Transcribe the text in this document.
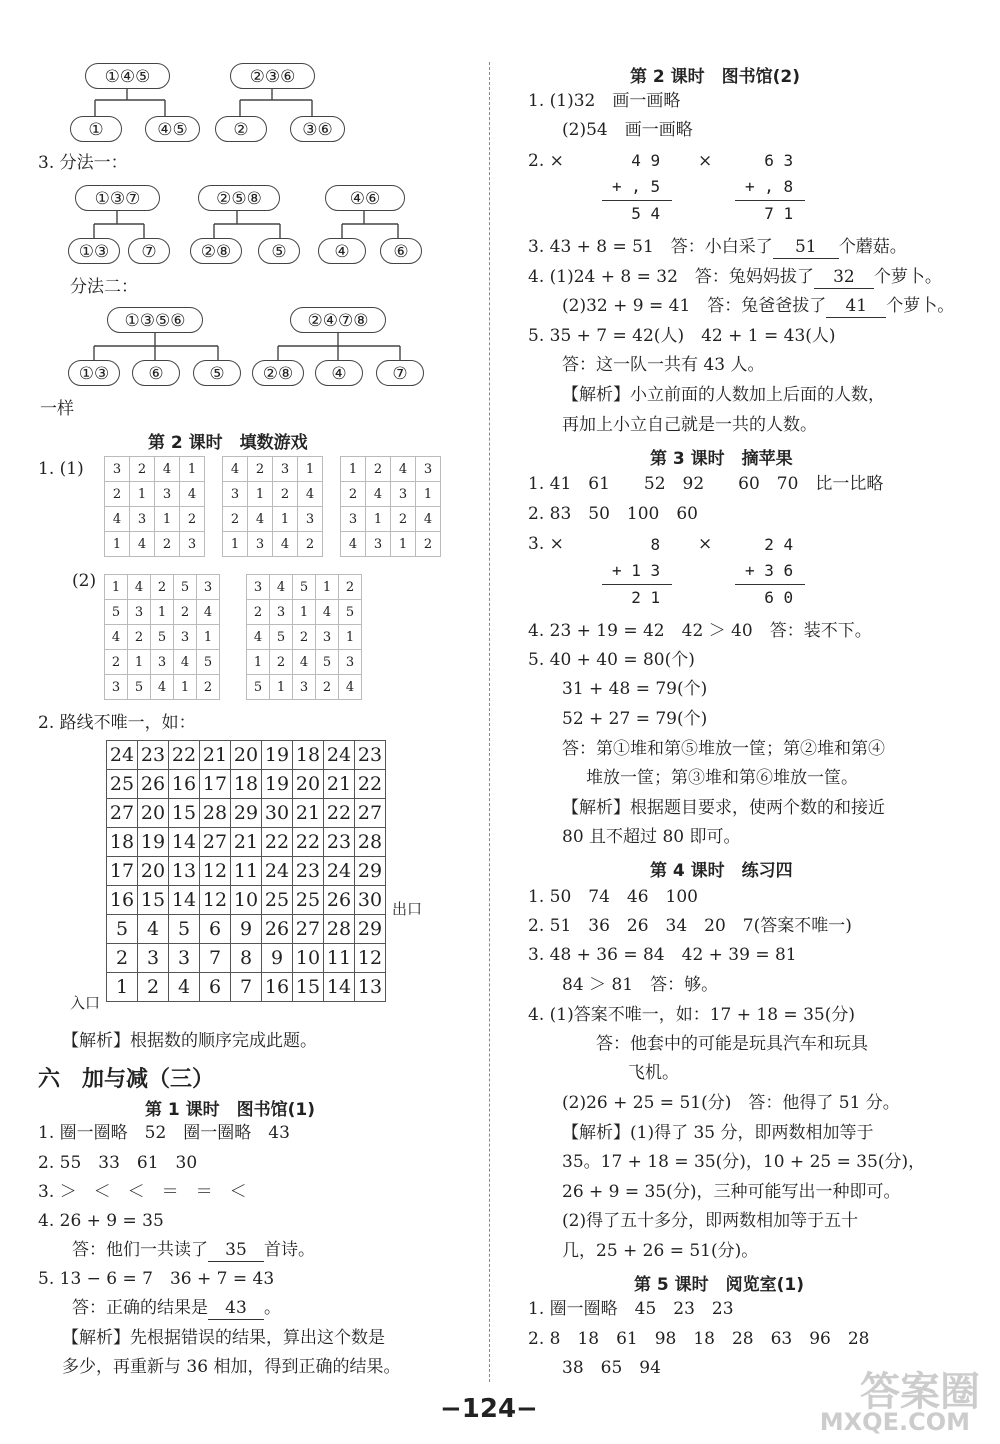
①④⑤
①	④⑤
②③⑥
②	③⑥
3. 分法一：
①③⑦
①③	⑦
②⑤⑧
②⑧	⑤
④⑥
④	⑥
分法二：
①③⑤⑥
①③	⑥	⑤
②④⑦⑧
②⑧	④	⑦
一样
第 2 课时　填数游戏
1. (1) 3	2	4	1
2	1	3	4
4	3	1	2
1	4	2	3
4	2	3	1
3	1	2	4
2	4	1	3
1	3	4	2
1	2	4	3
2	4	3	1
3	1	2	4
4	3	1	2
(2) 1	4	2	5	3
5	3	1	2	4
4	2	5	3	1
2	1	3	4	5
3	5	4	1	2
3	4	5	1	2
2	3	1	4	5
4	5	2	3	1
1	2	4	5	3
5	1	3	2	4
2. 路线不唯一，如：
24	23	22	21	20	19	18	24	23
25	26	16	17	18	19	20	21	22
27	20	15	28	29	30	21	22	27
18	19	14	27	21	22	22	23	28
17	20	13	12	11	24	23	24	29
16	15	14	12	10	25	25	26	30
5	4	5	6	9	26	27	28	29
2	3	3	7	8	9	10	11	12
1	2	4	6	7	16	15	14	13
出口
入口
【解析】根据数的顺序完成此题。
六　加与减（三）
第 1 课时　图书馆(1)
1. 圈一圈略　52　圈一圈略　43
2. 55　33　61　30
3. ＞　＜　＜　＝　＝　＜
4. 26 + 9 = 35
答：他们一共读了 35 首诗。
5. 13 − 6 = 7　36 + 7 = 43
答：正确的结果是 43 。
【解析】先根据错误的结果，算出这个数是
多少，再重新与 36 相加，得到正确的结果。
第 2 课时　图书馆(2)
1. (1)32　画一画略
(2)54　画一画略
2. ×	4 9
+ , 5
5 4
×	6 3
+ , 8
7 1
3. 43 + 8 = 51　答：小白采了 51 个蘑菇。
4. (1)24 + 8 = 32　答：兔妈妈拔了 32 个萝卜。
(2)32 + 9 = 41　答：兔爸爸拔了 41 个萝卜。
5. 35 + 7 = 42(人)　42 + 1 = 43(人)
答：这一队一共有 43 人。
【解析】小立前面的人数加上后面的人数，
再加上小立自己就是一共的人数。
第 3 课时　摘苹果
1. 41　61　　52　92　　60　70　比一比略
2. 83　50　100　60
3. ×	8
+ 1 3
2 1
×	2 4
+ 3 6
6 0
4. 23 + 19 = 42　42 ＞ 40　答：装不下。
5. 40 + 40 = 80(个)
31 + 48 = 79(个)
52 + 27 = 79(个)
答：第①堆和第⑤堆放一筐；第②堆和第④
堆放一筐；第③堆和第⑥堆放一筐。
【解析】根据题目要求，使两个数的和接近
80 且不超过 80 即可。
第 4 课时　练习四
1. 50　74　46　100
2. 51　36　26　34　20　7(答案不唯一)
3. 48 + 36 = 84　42 + 39 = 81
84 ＞ 81　答：够。
4. (1)答案不唯一，如：17 + 18 = 35(分)
答：他套中的可能是玩具汽车和玩具
飞机。
(2)26 + 25 = 51(分)　答：他得了 51 分。
【解析】(1)得了 35 分，即两数相加等于
35。17 + 18 = 35(分)，10 + 25 = 35(分)，
26 + 9 = 35(分)，三种可能写出一种即可。
(2)得了五十多分，即两数相加等于五十
几，25 + 26 = 51(分)。
第 5 课时　阅览室(1)
1. 圈一圈略　45　23　23
2. 8　18　61　98　18　28　63　96　28
38　65　94
−124−	答案圈
MXQE.COM
